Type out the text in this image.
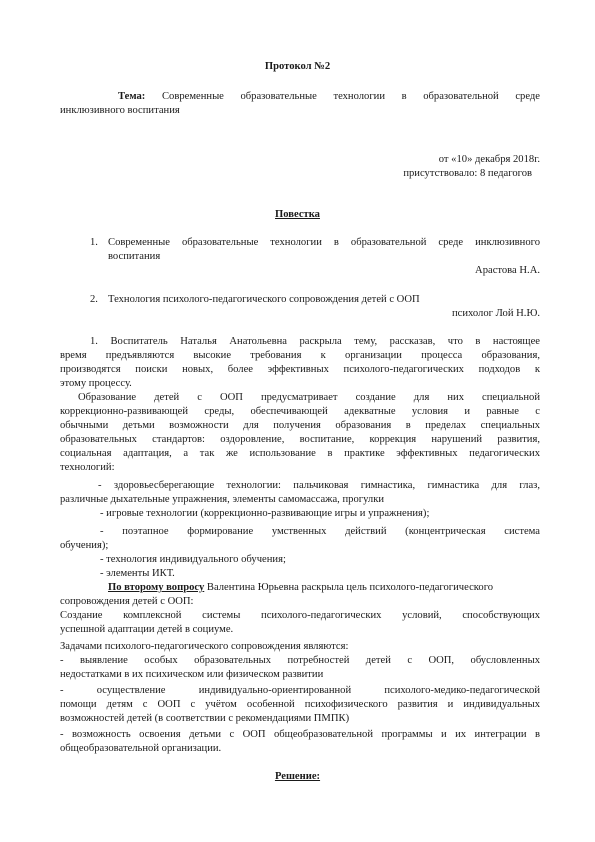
Протокол №2
Тема: Современные образовательные технологии в образовательной среде
инклюзивного воспитания
от «10» декабря 2018г.
присутствовало: 8 педагогов
Повестка
1. Современные образовательные технологии в образовательной среде инклюзивного
воспитания
Арастова Н.А.
2. Технология психолого-педагогического сопровождения детей с ООП
психолог Лой Н.Ю.
1. Воспитатель Наталья Анатольевна раскрыла тему, рассказав, что в настоящее
время предъявляются высокие требования к организации процесса образования,
производятся поиски новых, более эффективных психолого-педагогических подходов к
этому процессу.
Образование детей с ООП предусматривает создание для них специальной
коррекционно-развивающей среды, обеспечивающей адекватные условия и равные с
обычными детьми возможности для получения образования в пределах специальных
образовательных стандартов: оздоровление, воспитание, коррекция нарушений развития,
социальная адаптация, а так же использование в практике эффективных педагогических
технологий:
- здоровьесберегающие технологии: пальчиковая гимнастика, гимнастика для глаз,
различные дыхательные упражнения, элементы самомассажа, прогулки
- игровые технологии (коррекционно-развивающие игры и упражнения);
- поэтапное формирование умственных действий (концентрическая система
обучения);
- технология индивидуального обучения;
- элементы ИКТ.
По второму вопросу Валентина Юрьевна раскрыла цель психолого-педагогического
сопровождения детей с ООП:
Создание комплексной системы психолого-педагогических условий, способствующих
успешной адаптации детей в социуме.
Задачами психолого-педагогического сопровождения являются:
- выявление особых образовательных потребностей детей с ООП, обусловленных
недостатками в их психическом или физическом развитии
- осуществление индивидуально-ориентированной психолого-медико-педагогической
помощи детям с ООП с учётом особенной психофизического развития и индивидуальных
возможностей детей (в соответствии с рекомендациями ПМПК)
- возможность освоения детьми с ООП общеобразовательной программы и их интеграции в
общеобразовательной организации.
Решение:
